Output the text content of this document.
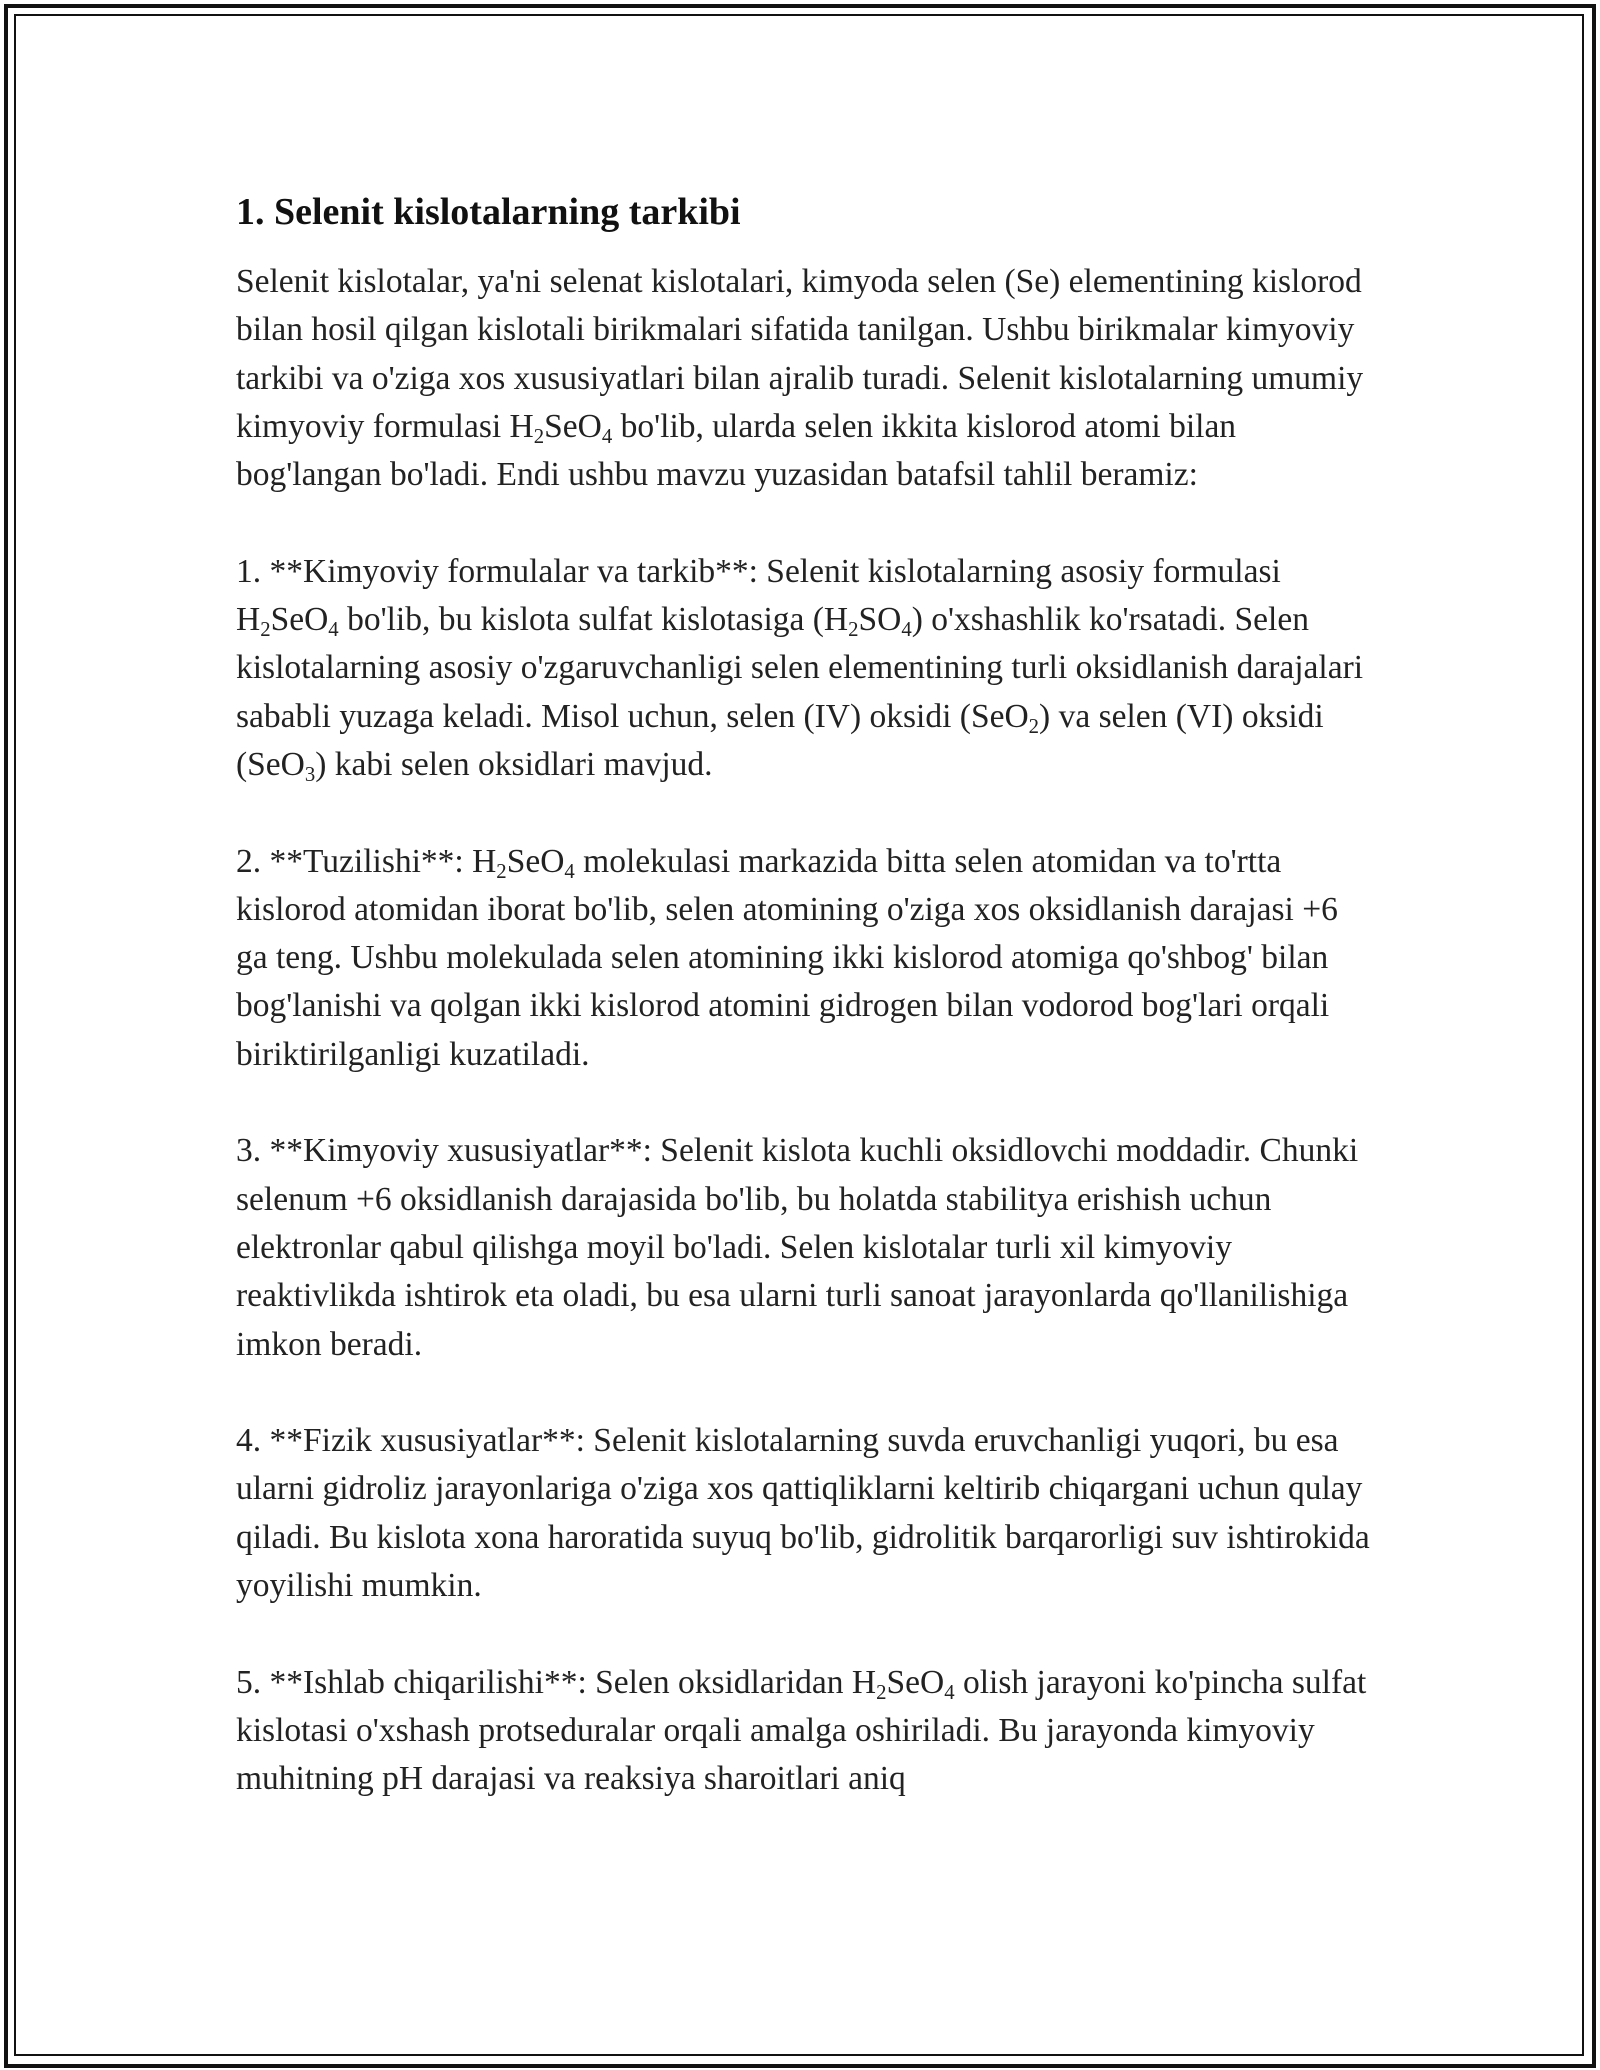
1. Selenit kislotalarning tarkibi

Selenit kislotalar, ya'ni selenat kislotalari, kimyoda selen (Se) elementining kislorod bilan hosil qilgan kislotali birikmalari sifatida tanilgan. Ushbu birikmalar kimyoviy tarkibi va o'ziga xos xususiyatlari bilan ajralib turadi. Selenit kislotalarning umumiy kimyoviy formulasi $H_2SeO_4$ bo'lib, ularda selen ikkita kislorod atomi bilan bog'langan bo'ladi. Endi ushbu mavzu yuzasidan batafsil tahlil beramiz:

1. **Kimyoviy formulalar va tarkib**: Selenit kislotalarning asosiy formulasi $H_2SeO_4$ bo'lib, bu kislota sulfat kislotasiga $(H_2SO_4)$ o'xshashlik ko'rsatadi. Selen kislotalarning asosiy o'zgaruvchanligi selen elementining turli oksidlanish darajalari sababli yuzaga keladi. Misol uchun, selen (IV) oksidi (SeO$_2$) va selen (VI) oksidi (SeO$_3$) kabi selen oksidlari mavjud.

2. **Tuzilishi**: $H_2SeO_4$ molekulasi markazida bitta selen atomidan va to'rtta kislorod atomidan iborat bo'lib, selen atomining o'ziga xos oksidlanish darajasi +6 ga teng. Ushbu molekulada selen atomining ikki kislorod atomiga qo'shbog' bilan bog'lanishi va qolgan ikki kislorod atomini gidrogen bilan vodorod bog'lari orqali biriktirilganligi kuzatiladi.

3. **Kimyoviy xususiyatlar**: Selenit kislota kuchli oksidlovchi moddadir. Chunki selenum +6 oksidlanish darajasida bo'lib, bu holatda stabilitya erishish uchun elektronlar qabul qilishga moyil bo'ladi. Selen kislotalar turli xil kimyoviy reaktivlikda ishtirok eta oladi, bu esa ularni turli sanoat jarayonlarda qo'llanilishiga imkon beradi.

4. **Fizik xususiyatlar**: Selenit kislotalarning suvda eruvchanligi yuqori, bu esa ularni gidroliz jarayonlariga o'ziga xos qattiqliklarni keltirib chiqargani uchun qulay qiladi. Bu kislota xona haroratida suyuq bo'lib, gidrolitik barqarorligi suv ishtirokida yoyilishi mumkin.

5. **Ishlab chiqarilishi**: Selen oksidlaridan $H_2SeO_4$ olish jarayoni ko'pincha sulfat kislotasi o'xshash protseduralar orqali amalga oshiriladi. Bu jarayonda kimyoviy muhitning pH darajasi va reaksiya sharoitlari aniq
